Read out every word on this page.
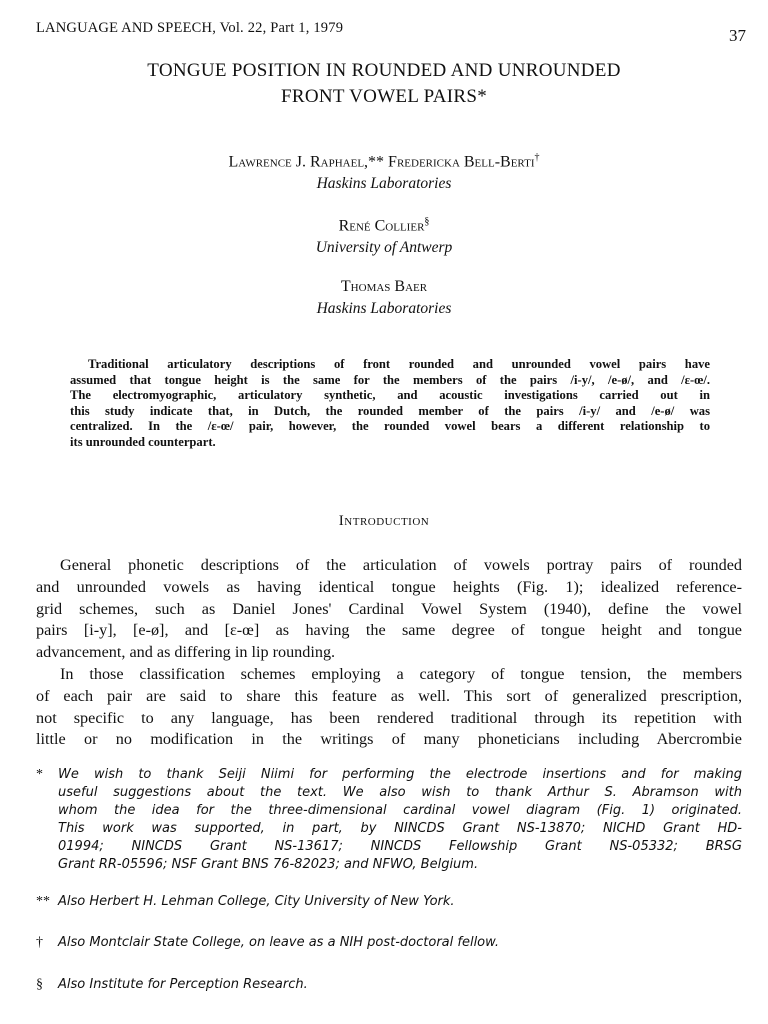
LANGUAGE AND SPEECH, Vol. 22, Part 1, 1979	37
TONGUE POSITION IN ROUNDED AND UNROUNDED
FRONT VOWEL PAIRS*
Lawrence J. Raphael,** Fredericka Bell-Berti†
Haskins Laboratories
René Collier§
University of Antwerp
Thomas Baer
Haskins Laboratories
Traditional articulatory descriptions of front rounded and unrounded vowel pairs have
assumed that tongue height is the same for the members of the pairs /i-y/, /e-ø/, and /ε-œ/.
The electromyographic, articulatory synthetic, and acoustic investigations carried out in
this study indicate that, in Dutch, the rounded member of the pairs /i-y/ and /e-ø/ was
centralized. In the /ε-œ/ pair, however, the rounded vowel bears a different relationship to
its unrounded counterpart.
Introduction
General phonetic descriptions of the articulation of vowels portray pairs of rounded
and unrounded vowels as having identical tongue heights (Fig. 1); idealized reference-
grid schemes, such as Daniel Jones' Cardinal Vowel System (1940), define the vowel
pairs [i-y], [e-ø], and [ε-œ] as having the same degree of tongue height and tongue
advancement, and as differing in lip rounding.
In those classification schemes employing a category of tongue tension, the members
of each pair are said to share this feature as well. This sort of generalized prescription,
not specific to any language, has been rendered traditional through its repetition with
little or no modification in the writings of many phoneticians including Abercrombie
* We wish to thank Seiji Niimi for performing the electrode insertions and for making
useful suggestions about the text. We also wish to thank Arthur S. Abramson with
whom the idea for the three-dimensional cardinal vowel diagram (Fig. 1) originated.
This work was supported, in part, by NINCDS Grant NS-13870; NICHD Grant HD-
01994; NINCDS Grant NS-13617; NINCDS Fellowship Grant NS-05332; BRSG
Grant RR-05596; NSF Grant BNS 76-82023; and NFWO, Belgium.
** Also Herbert H. Lehman College, City University of New York.
† Also Montclair State College, on leave as a NIH post-doctoral fellow.
§ Also Institute for Perception Research.
